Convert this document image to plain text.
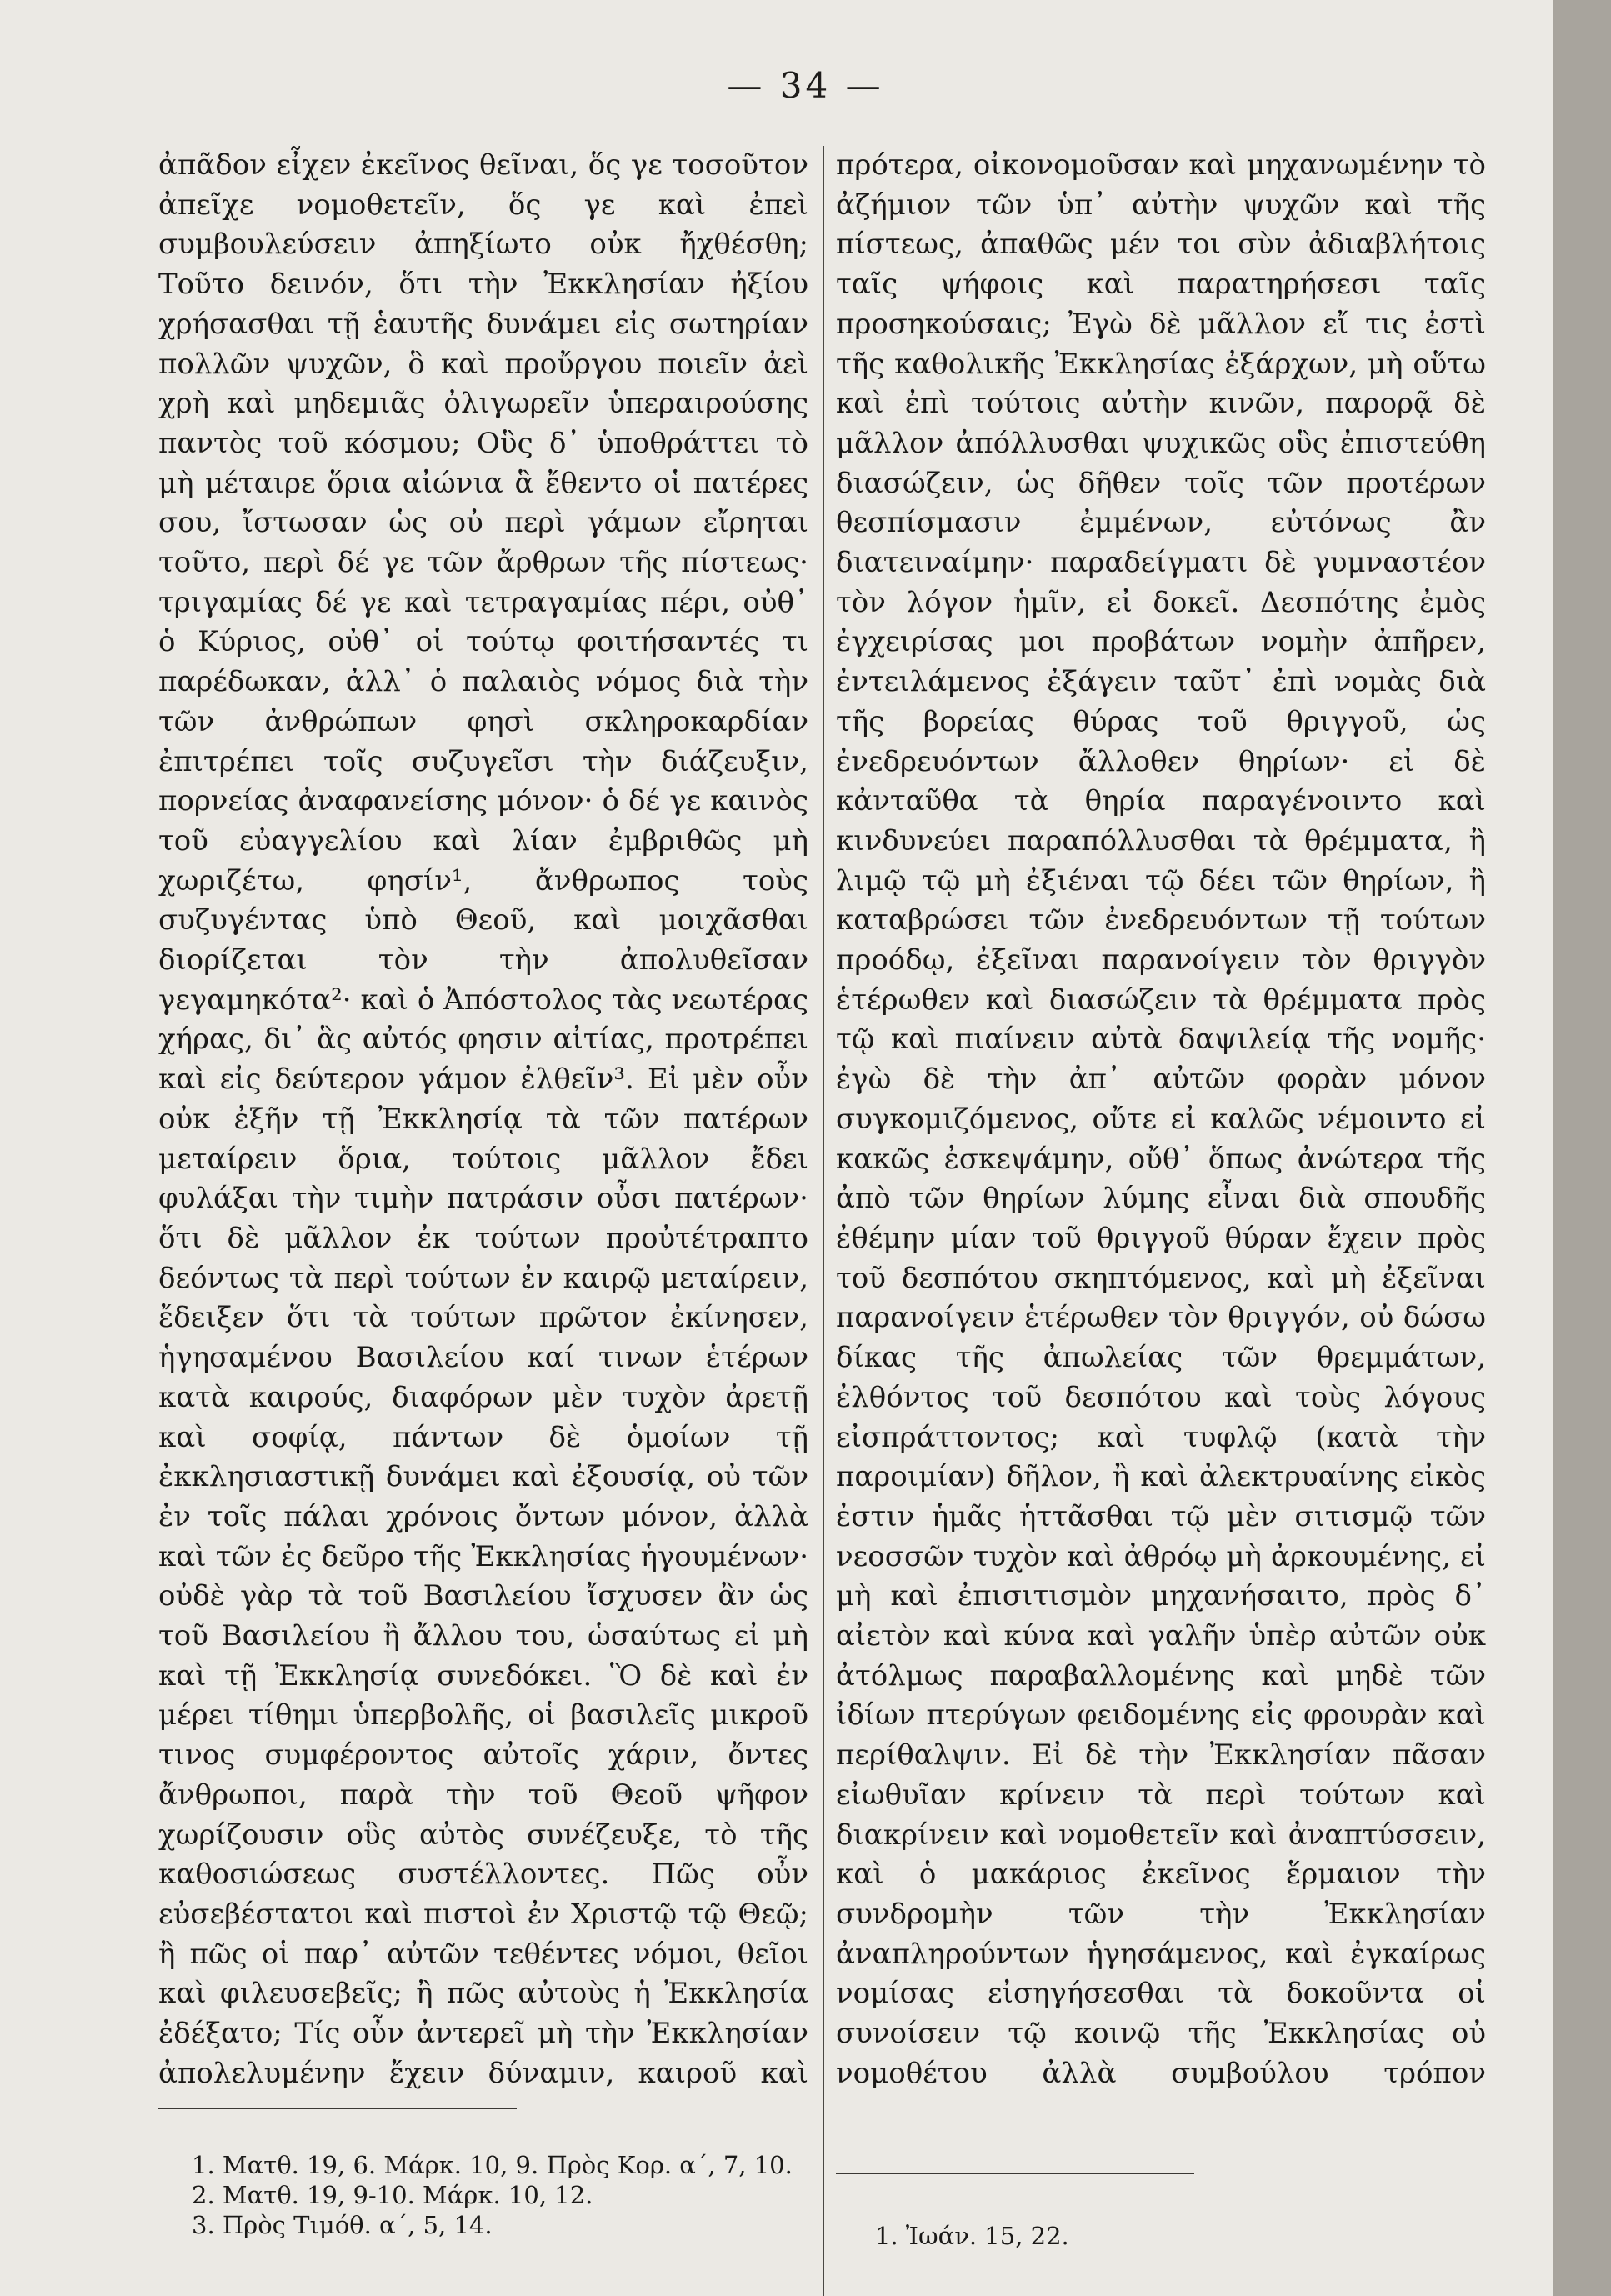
— 34 —

ἀπᾶδον εἶχεν ἐκεῖνος θεῖναι, ὅς γε τοσοῦτον ἀπεῖχε νομοθετεῖν, ὅς γε καὶ ἐπεὶ συμβουλεύσειν ἀπηξίωτο οὐκ ἤχθέσθη; Τοῦτο δεινόν, ὅτι τὴν Ἐκκλησίαν ἠξίου χρήσασθαι τῇ ἑαυτῆς δυνάμει εἰς σωτηρίαν πολλῶν ψυχῶν, ὃ καὶ προὔργου ποιεῖν ἀεὶ χρὴ καὶ μηδεμιᾶς ὀλιγωρεῖν ὑπεραιρούσης παντὸς τοῦ κόσμου; Οὓς δ᾿ ὑποθράττει τὸ μὴ μέταιρε ὅρια αἰώνια ἃ ἔθεντο οἱ πατέρες σου, ἴστωσαν ὡς οὐ περὶ γάμων εἴρηται τοῦτο, περὶ δέ γε τῶν ἄρθρων τῆς πίστεως· τριγαμίας δέ γε καὶ τετραγαμίας πέρι, οὐθ᾿ ὁ Κύριος, οὐθ᾿ οἱ τούτῳ φοιτήσαντές τι παρέδωκαν, ἀλλ᾿ ὁ παλαιὸς νόμος διὰ τὴν τῶν ἀνθρώπων φησὶ σκληροκαρδίαν ἐπιτρέπει τοῖς συζυγεῖσι τὴν διάζευξιν, πορνείας ἀναφανείσης μόνον· ὁ δέ γε καινὸς τοῦ εὐαγγελίου καὶ λίαν ἐμβριθῶς μὴ χωριζέτω, φησίν¹, ἄνθρωπος τοὺς συζυγέντας ὑπὸ Θεοῦ, καὶ μοιχᾶσθαι διορίζεται τὸν τὴν ἀπολυθεῖσαν γεγαμηκότα²· καὶ ὁ Ἀπόστολος τὰς νεωτέρας χήρας, δι᾿ ἃς αὐτός φησιν αἰτίας, προτρέπει καὶ εἰς δεύτερον γάμον ἐλθεῖν³. Εἰ μὲν οὖν οὐκ ἐξῆν τῇ Ἐκκλησίᾳ τὰ τῶν πατέρων μεταίρειν ὅρια, τούτοις μᾶλλον ἔδει φυλάξαι τὴν τιμὴν πατράσιν οὖσι πατέρων· ὅτι δὲ μᾶλλον ἐκ τούτων προὐτέτραπτο δεόντως τὰ περὶ τούτων ἐν καιρῷ μεταίρειν, ἔδειξεν ὅτι τὰ τούτων πρῶτον ἐκίνησεν, ἡγησαμένου Βασιλείου καί τινων ἑτέρων κατὰ καιρούς, διαφόρων μὲν τυχὸν ἀρετῇ καὶ σοφίᾳ, πάντων δὲ ὁμοίων τῇ ἐκκλησιαστικῇ δυνάμει καὶ ἐξουσίᾳ, οὐ τῶν ἐν τοῖς πάλαι χρόνοις ὄντων μόνον, ἀλλὰ καὶ τῶν ἐς δεῦρο τῆς Ἐκκλησίας ἡγουμένων· οὐδὲ γὰρ τὰ τοῦ Βασιλείου ἴσχυσεν ἂν ὡς τοῦ Βασιλείου ἢ ἄλλου του, ὡσαύτως εἰ μὴ καὶ τῇ Ἐκκλησίᾳ συνεδόκει. Ὃ δὲ καὶ ἐν μέρει τίθημι ὑπερβολῆς, οἱ βασιλεῖς μικροῦ τινος συμφέροντος αὐτοῖς χάριν, ὄντες ἄνθρωποι, παρὰ τὴν τοῦ Θεοῦ ψῆφον χωρίζουσιν οὓς αὐτὸς συνέζευξε, τὸ τῆς καθοσιώσεως συστέλλοντες. Πῶς οὖν εὐσεβέστατοι καὶ πιστοὶ ἐν Χριστῷ τῷ Θεῷ; ἢ πῶς οἱ παρ᾿ αὐτῶν τεθέντες νόμοι, θεῖοι καὶ φιλευσεβεῖς; ἢ πῶς αὐτοὺς ἡ Ἐκκλησία ἐδέξατο; Τίς οὖν ἀντερεῖ μὴ τὴν Ἐκκλησίαν ἀπολελυμένην ἔχειν δύναμιν, καιροῦ καὶ

πρότερα, οἰκονομοῦσαν καὶ μηχανωμένην τὸ ἀζήμιον τῶν ὑπ᾿ αὐτὴν ψυχῶν καὶ τῆς πίστεως, ἀπαθῶς μέν τοι σὺν ἀδιαβλήτοις ταῖς ψήφοις καὶ παρατηρήσεσι ταῖς προσηκούσαις; Ἐγὼ δὲ μᾶλλον εἴ τις ἐστὶ τῆς καθολικῆς Ἐκκλησίας ἐξάρχων, μὴ οὕτω καὶ ἐπὶ τούτοις αὐτὴν κινῶν, παρορᾷ δὲ μᾶλλον ἀπόλλυσθαι ψυχικῶς οὓς ἐπιστεύθη διασώζειν, ὡς δῆθεν τοῖς τῶν προτέρων θεσπίσμασιν ἐμμένων, εὐτόνως ἂν διατειναίμην· παραδείγματι δὲ γυμναστέον τὸν λόγον ἡμῖν, εἰ δοκεῖ. Δεσπότης ἐμὸς ἐγχειρίσας μοι προβάτων νομὴν ἀπῆρεν, ἐντειλάμενος ἐξάγειν ταῦτ᾿ ἐπὶ νομὰς διὰ τῆς βορείας θύρας τοῦ θριγγοῦ, ὡς ἐνεδρευόντων ἄλλοθεν θηρίων· εἰ δὲ κἀνταῦθα τὰ θηρία παραγένοιντο καὶ κινδυνεύει παραπόλλυσθαι τὰ θρέμματα, ἢ λιμῷ τῷ μὴ ἐξιέναι τῷ δέει τῶν θηρίων, ἢ καταβρώσει τῶν ἐνεδρευόντων τῇ τούτων προόδῳ, ἐξεῖναι παρανοίγειν τὸν θριγγὸν ἑτέρωθεν καὶ διασώζειν τὰ θρέμματα πρὸς τῷ καὶ πιαίνειν αὐτὰ δαψιλείᾳ τῆς νομῆς· ἐγὼ δὲ τὴν ἀπ᾿ αὐτῶν φορὰν μόνον συγκομιζόμενος, οὔτε εἰ καλῶς νέμοιντο εἰ κακῶς ἐσκεψάμην, οὔθ᾿ ὅπως ἀνώτερα τῆς ἀπὸ τῶν θηρίων λύμης εἶναι διὰ σπουδῆς ἐθέμην μίαν τοῦ θριγγοῦ θύραν ἔχειν πρὸς τοῦ δεσπότου σκηπτόμενος, καὶ μὴ ἐξεῖναι παρανοίγειν ἑτέρωθεν τὸν θριγγόν, οὐ δώσω δίκας τῆς ἀπωλείας τῶν θρεμμάτων, ἐλθόντος τοῦ δεσπότου καὶ τοὺς λόγους εἰσπράττοντος; καὶ τυφλῷ (κατὰ τὴν παροιμίαν) δῆλον, ἢ καὶ ἀλεκτρυαίνης εἰκὸς ἐστιν ἡμᾶς ἡττᾶσθαι τῷ μὲν σιτισμῷ τῶν νεοσσῶν τυχὸν καὶ ἀθρόῳ μὴ ἀρκουμένης, εἰ μὴ καὶ ἐπισιτισμὸν μηχανήσαιτο, πρὸς δ᾿ αἰετὸν καὶ κύνα καὶ γαλῆν ὑπὲρ αὐτῶν οὐκ ἀτόλμως παραβαλλομένης καὶ μηδὲ τῶν ἰδίων πτερύγων φειδομένης εἰς φρουρὰν καὶ περίθαλψιν. Εἰ δὲ τὴν Ἐκκλησίαν πᾶσαν εἰωθυῖαν κρίνειν τὰ περὶ τούτων καὶ διακρίνειν καὶ νομοθετεῖν καὶ ἀναπτύσσειν, καὶ ὁ μακάριος ἐκεῖνος ἕρμαιον τὴν συνδρομὴν τῶν τὴν Ἐκκλησίαν ἀναπληρούντων ἡγησάμενος, καὶ ἐγκαίρως νομίσας εἰσηγήσεσθαι τὰ δοκοῦντα οἱ συνοίσειν τῷ κοινῷ τῆς Ἐκκλησίας οὐ νομοθέτου ἀλλὰ συμβούλου τρόπον

1. Ματθ. 19, 6. Μάρκ. 10, 9. Πρὸς Κορ. α΄, 7, 10.
2. Ματθ. 19, 9-10. Μάρκ. 10, 12.
3. Πρὸς Τιμόθ. α΄, 5, 14.	1. Ἰωάν. 15, 22.
